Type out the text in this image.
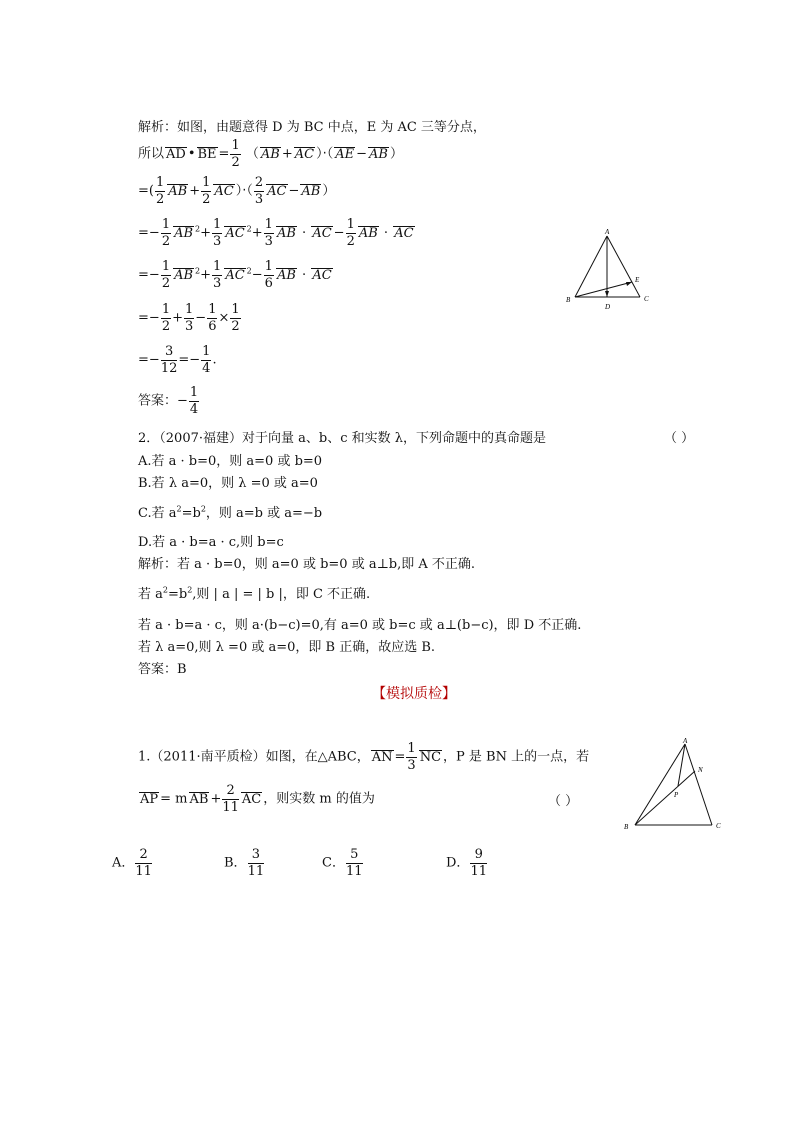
解析：如图，由题意得 D 为 BC 中点，E 为 AC 三等分点，
所以 AD • BE = $\frac{1}{2}$ （ AB + AC ）·（ AE − AB ）
=( $\frac{1}{2}$ AB + $\frac{1}{2}$ AC ）·（ $\frac{2}{3}$ AC − AB ）
=− $\frac{1}{2}$ AB $^2+ \frac{1}{3}$ AC $^2+ \frac{1}{3}$ AB · AC − $\frac{1}{2}$ AB · AC
=− $\frac{1}{2}$ AB $^2+ \frac{1}{3}$ AC $^2- \frac{1}{6}$ AB · AC
=− $\frac{1}{2} + \frac{1}{3} - \frac{1}{6} \times \frac{1}{2}$
=− $\frac{3}{12} =- \frac{1}{4}$ .
答案：− $\frac{1}{4}$
A
B	C
D
E
2．（2007·福建）对于向量 a、b、c 和实数 λ，下列命题中的真命题是	（ ）
A.若 a · b=0，则 a=0 或 b=0
B.若 λ a=0，则 λ =0 或 a=0
C.若 $a^2=b^2$，则 a=b 或 a=−b
D.若 a · b=a · c,则 b=c
解析：若 a · b=0，则 a=0 或 b=0 或 a⊥b,即 A 不正确.
若 $a^2=b^2$,则 | a | = | b |，即 C 不正确.
若 a · b=a · c，则 a·(b−c)=0,有 a=0 或 b=c 或 a⊥(b−c)，即 D 不正确.
若 λ a=0,则 λ =0 或 a=0，即 B 正确，故应选 B.
答案：B
【模拟质检】
1.（2011·南平质检）如图，在△ABC， AN = $\frac{1}{3}$ NC ，P 是 BN 上的一点，若
AP = m AB + $\frac{2}{11}$ AC ，则实数 m 的值为	（ ）
A． $\frac{2}{11}$	B． $\frac{3}{11}$	C． $\frac{5}{11}$	D． $\frac{9}{11}$
A
B	C
N
P
